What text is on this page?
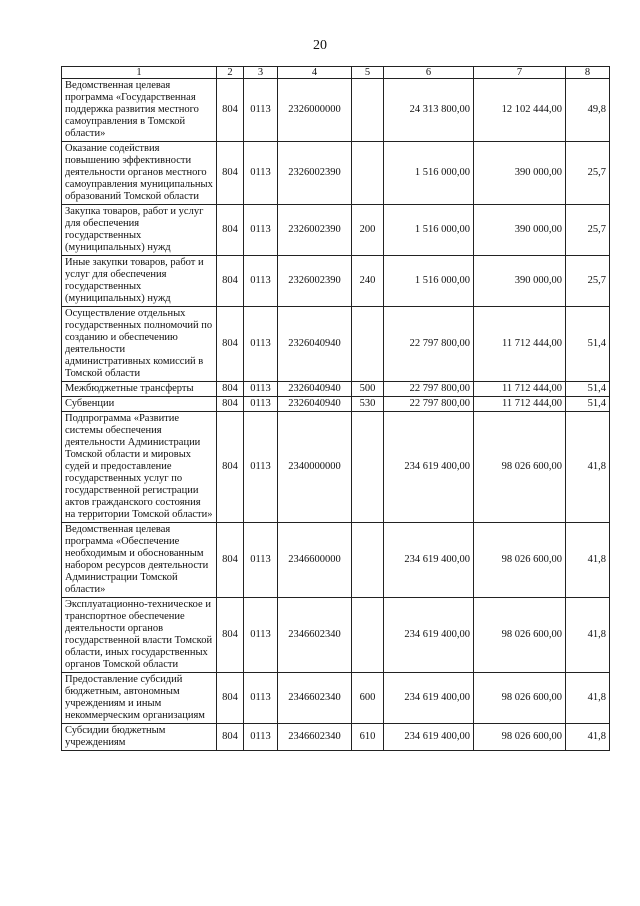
20
1	2	3	4	5	6	7	8
Ведомственная целевая программа «Государственная поддержка развития местного самоуправления в Томской области»	804	0113	2326000000		24 313 800,00	12 102 444,00	49,8
Оказание содействия повышению эффективности деятельности органов местного самоуправления муниципальных образований Томской области	804	0113	2326002390		1 516 000,00	390 000,00	25,7
Закупка товаров, работ и услуг для обеспечения государственных (муниципальных) нужд	804	0113	2326002390	200	1 516 000,00	390 000,00	25,7
Иные закупки товаров, работ и услуг для обеспечения государственных (муниципальных) нужд	804	0113	2326002390	240	1 516 000,00	390 000,00	25,7
Осуществление отдельных государственных полномочий по созданию и обеспечению деятельности административных комиссий в Томской области	804	0113	2326040940		22 797 800,00	11 712 444,00	51,4
Межбюджетные трансферты	804	0113	2326040940	500	22 797 800,00	11 712 444,00	51,4
Субвенции	804	0113	2326040940	530	22 797 800,00	11 712 444,00	51,4
Подпрограмма «Развитие системы обеспечения деятельности Администрации Томской области и мировых судей и предоставление государственных услуг по государственной регистрации актов гражданского состояния на территории Томской области»	804	0113	2340000000		234 619 400,00	98 026 600,00	41,8
Ведомственная целевая программа «Обеспечение необходимым и обоснованным набором ресурсов деятельности Администрации Томской области»	804	0113	2346600000		234 619 400,00	98 026 600,00	41,8
Эксплуатационно-техническое и транспортное обеспечение деятельности органов государственной власти Томской области, иных государственных органов Томской области	804	0113	2346602340		234 619 400,00	98 026 600,00	41,8
Предоставление субсидий бюджетным, автономным учреждениям и иным некоммерческим организациям	804	0113	2346602340	600	234 619 400,00	98 026 600,00	41,8
Субсидии бюджетным учреждениям	804	0113	2346602340	610	234 619 400,00	98 026 600,00	41,8
